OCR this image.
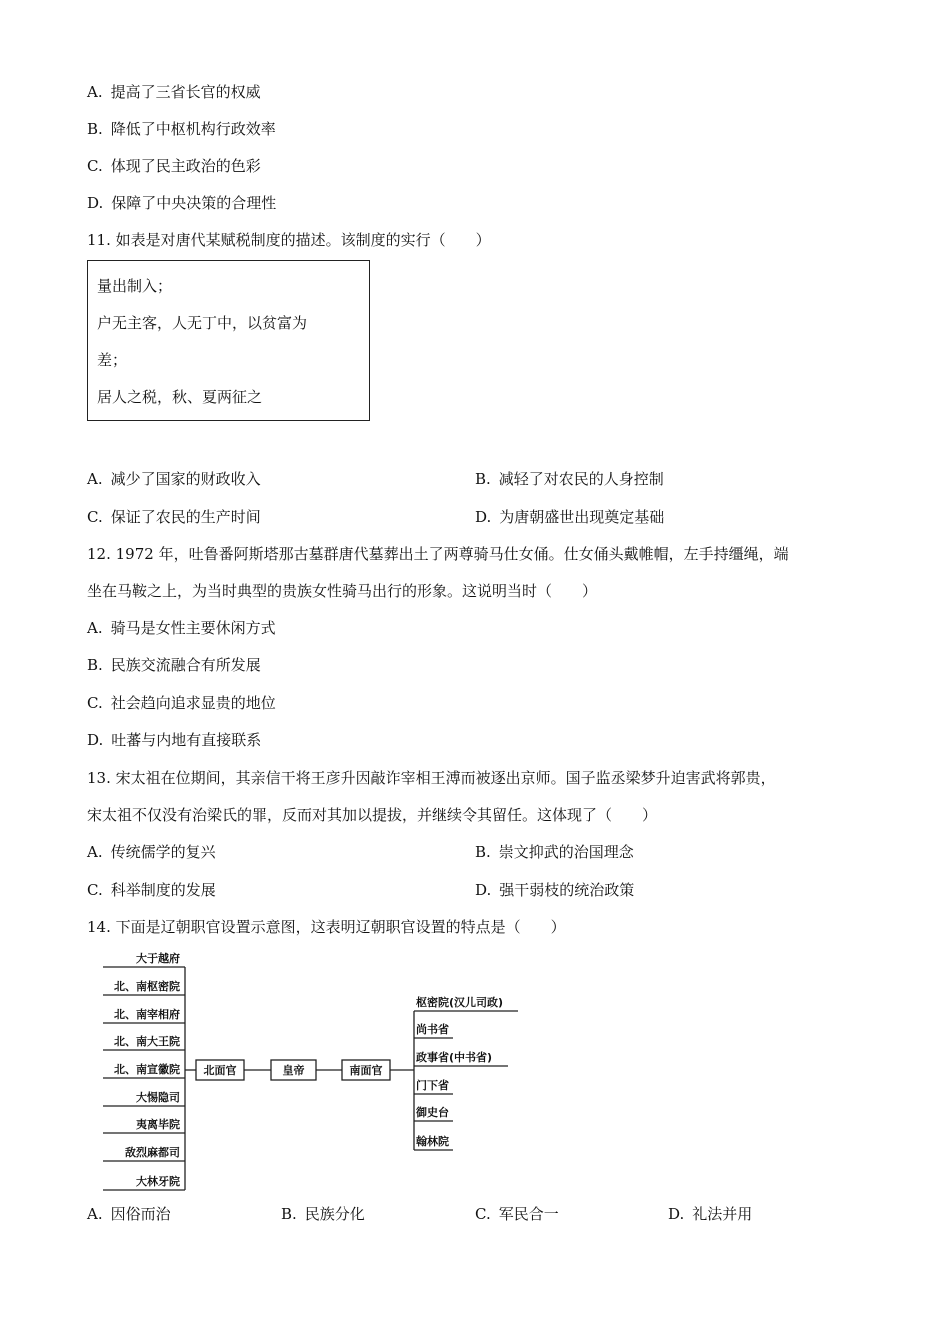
A. 提高了三省长官的权威
B. 降低了中枢机构行政效率
C. 体现了民主政治的色彩
D. 保障了中央决策的合理性
11. 如表是对唐代某赋税制度的描述。该制度的实行（　　）
量出制入；
户无主客，人无丁中，以贫富为
差；
居人之税，秋、夏两征之
A. 减少了国家的财政收入	B. 减轻了对农民的人身控制
C. 保证了农民的生产时间	D. 为唐朝盛世出现奠定基础
12. 1972 年，吐鲁番阿斯塔那古墓群唐代墓葬出土了两尊骑马仕女俑。仕女俑头戴帷帽，左手持缰绳，端
坐在马鞍之上，为当时典型的贵族女性骑马出行的形象。这说明当时（　　）
A. 骑马是女性主要休闲方式
B. 民族交流融合有所发展
C. 社会趋向追求显贵的地位
D. 吐蕃与内地有直接联系
13. 宋太祖在位期间，其亲信干将王彦升因敲诈宰相王溥而被逐出京师。国子监丞梁梦升迫害武将郭贵，
宋太祖不仅没有治梁氏的罪，反而对其加以提拔，并继续令其留任。这体现了（　　）
A. 传统儒学的复兴	B. 崇文抑武的治国理念
C. 科举制度的发展	D. 强干弱枝的统治政策
14. 下面是辽朝职官设置示意图，这表明辽朝职官设置的特点是（　　）
大于越府
北、南枢密院
北、南宰相府
北、南大王院
北、南宣徽院
大惕隐司
夷离毕院
敌烈麻都司
大林牙院
北面官	皇帝	南面官
枢密院(汉儿司政)
尚书省
政事省(中书省)
门下省
御史台
翰林院
A. 因俗而治	B. 民族分化	C. 军民合一	D. 礼法并用
